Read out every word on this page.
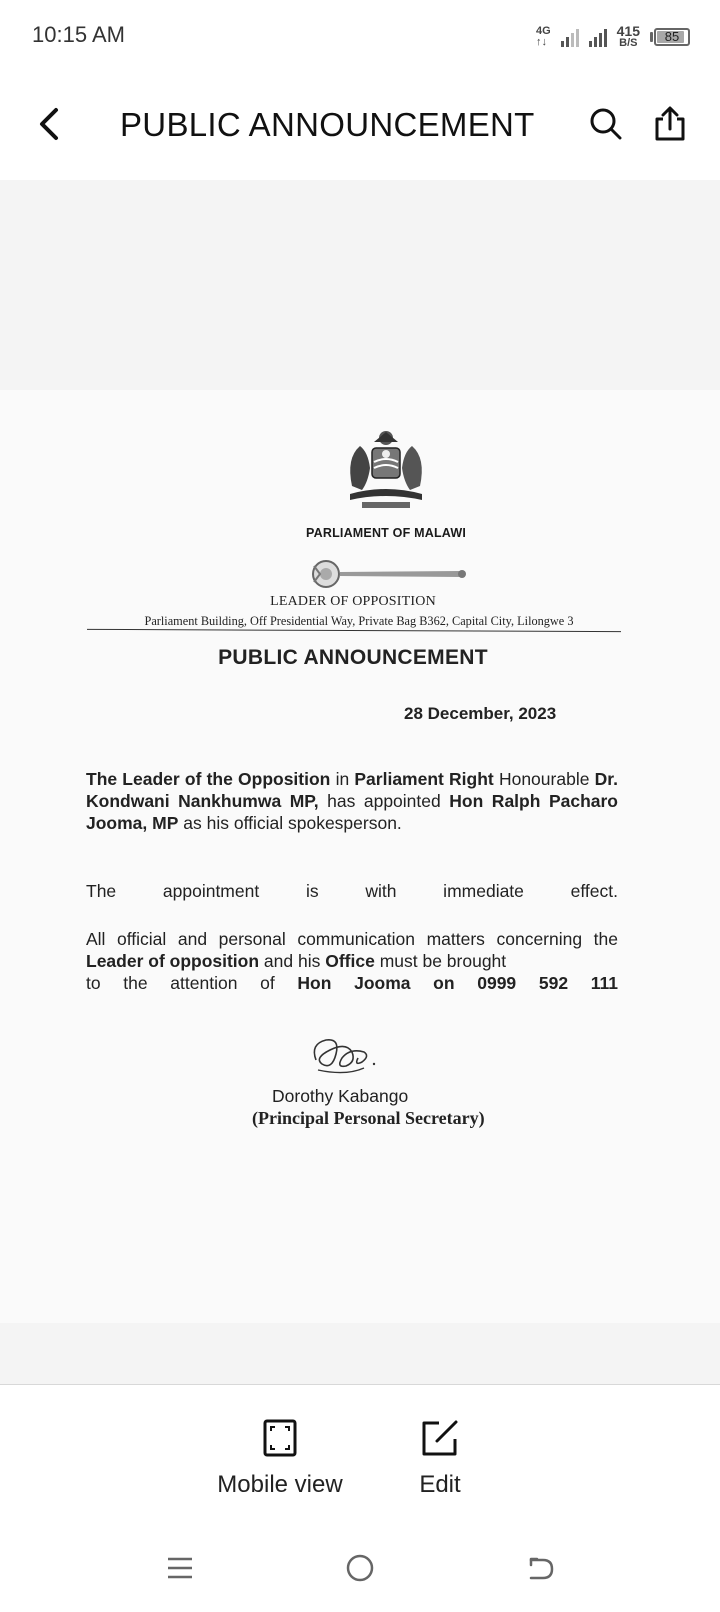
10:15 AM	4G
↑↓
415
B/S	85
PUBLIC ANNOUNCEMENT
PARLIAMENT OF MALAWI
LEADER OF OPPOSITION
Parliament Building, Off Presidential Way, Private Bag B362, Capital City, Lilongwe 3
PUBLIC ANNOUNCEMENT
28 December, 2023
The Leader of the Opposition in Parliament Right Honourable Dr. Kondwani Nankhumwa MP, has appointed Hon Ralph Pacharo Jooma, MP as his official spokesperson.
The appointment is with immediate effect.
All official and personal communication matters concerning the Leader of opposition and his Office must be brought
to the attention of Hon Jooma on 0999 592 111
Dorothy Kabango
(Principal Personal Secretary)
Mobile view	Edit
